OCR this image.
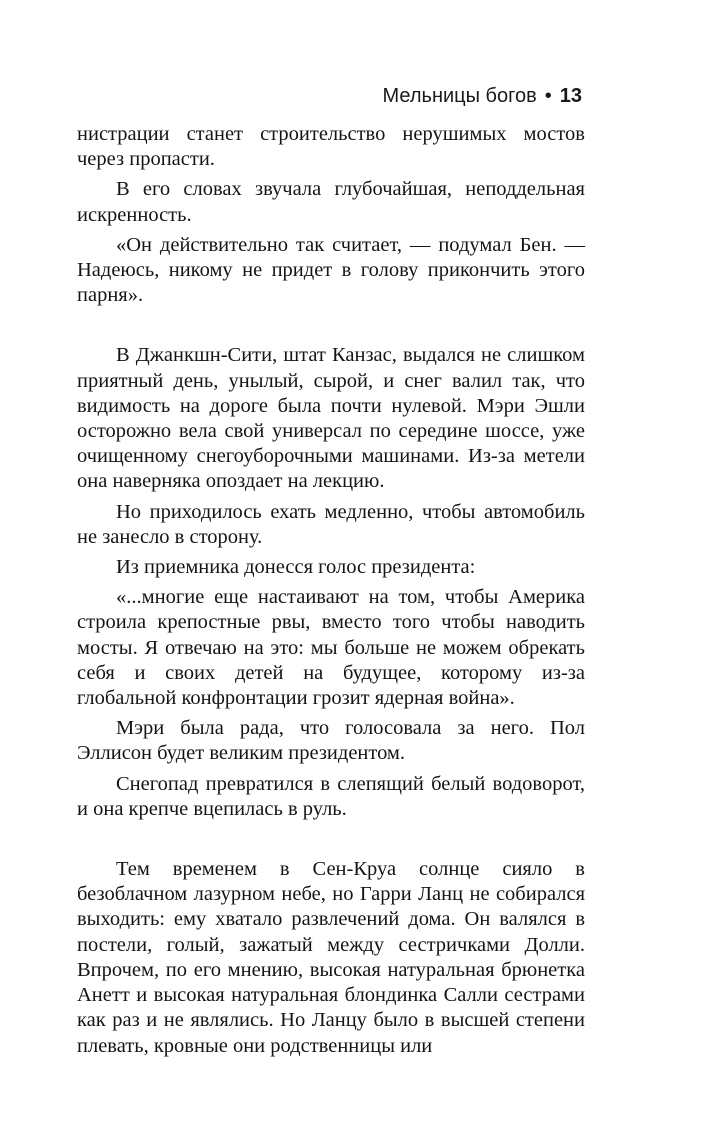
Мельницы богов • 13

нистрации станет строительство нерушимых мостов через пропасти.

В его словах звучала глубочайшая, неподдельная искренность.

«Он действительно так считает, — подумал Бен. — Надеюсь, никому не придет в голову прикончить этого парня».

В Джанкшн-Сити, штат Канзас, выдался не слишком приятный день, унылый, сырой, и снег валил так, что видимость на дороге была почти нулевой. Мэри Эшли осторожно вела свой универсал по середине шоссе, уже очищенному снегоуборочными машинами. Из-за метели она наверняка опоздает на лекцию.

Но приходилось ехать медленно, чтобы автомобиль не занесло в сторону.

Из приемника донесся голос президента:

«...многие еще настаивают на том, чтобы Америка строила крепостные рвы, вместо того чтобы наводить мосты. Я отвечаю на это: мы больше не можем обрекать себя и своих детей на будущее, которому из-за глобальной конфронтации грозит ядерная война».

Мэри была рада, что голосовала за него. Пол Эллисон будет великим президентом.

Снегопад превратился в слепящий белый водоворот, и она крепче вцепилась в руль.

Тем временем в Сен-Круа солнце сияло в безоблачном лазурном небе, но Гарри Ланц не собирался выходить: ему хватало развлечений дома. Он валялся в постели, голый, зажатый между сестричками Долли. Впрочем, по его мнению, высокая натуральная брюнетка Анетт и высокая натуральная блондинка Салли сестрами как раз и не являлись. Но Ланцу было в высшей степени плевать, кровные они родственницы или
